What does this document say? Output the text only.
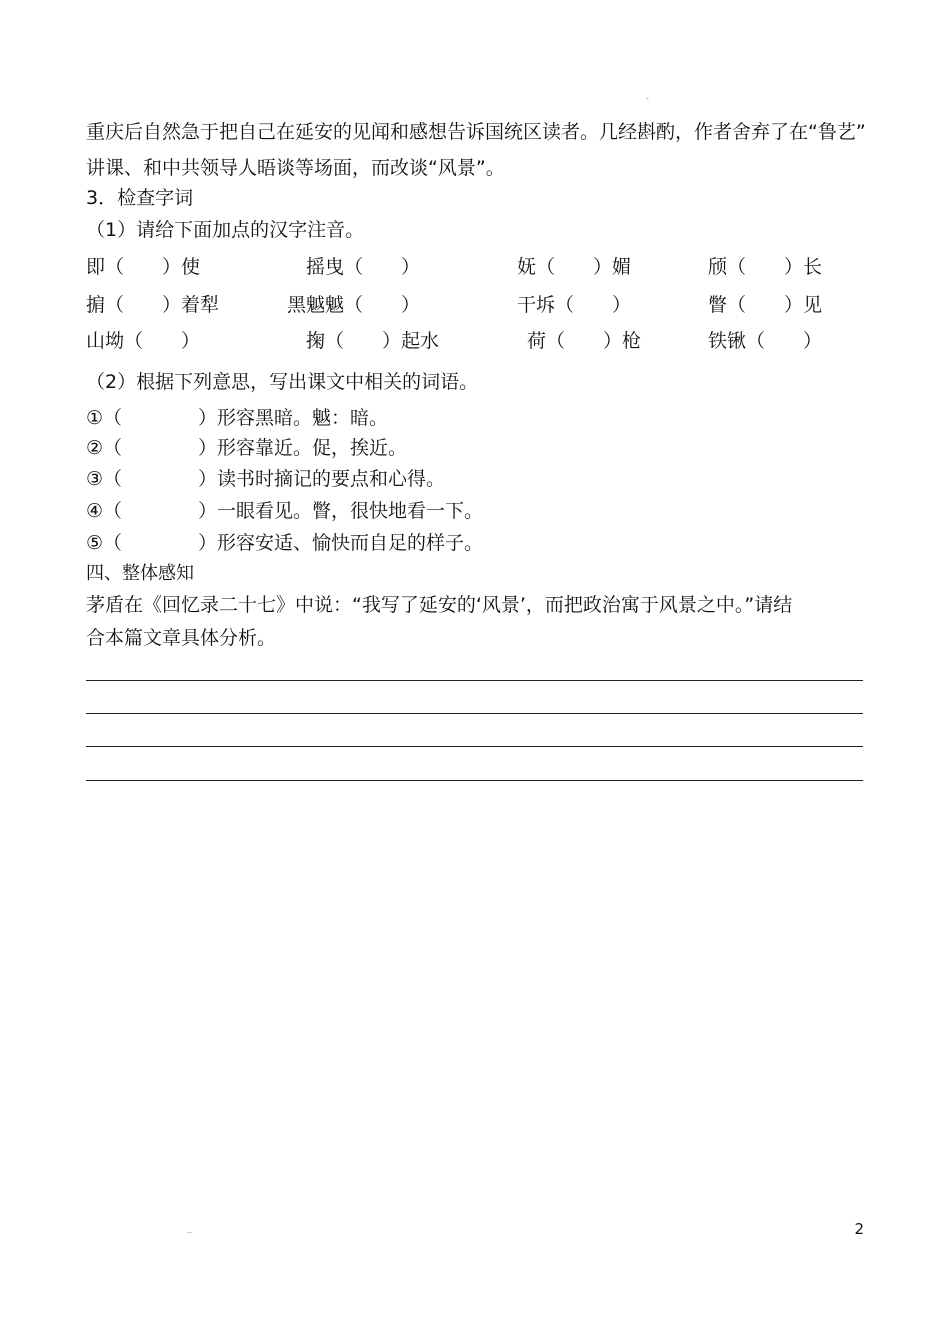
-
重庆后自然急于把自己在延安的见闻和感想告诉国统区读者。几经斟酌，作者舍弃了在“鲁艺”
讲课、和中共领导人晤谈等场面，而改谈“风景”。
3．检查字词
（1）请给下面加点的汉字注音。
即（　　）使	摇曳（　　）	妩（　　）媚	颀（　　）长
掮（　　）着犁	黑魆魆（　　）	干坼（　　）	瞥（　　）见
山坳（　　）	掬（　　）起水	荷（　　）枪	铁锹（　　）
（2）根据下列意思，写出课文中相关的词语。
①（　　　　）形容黑暗。魆：暗。
②（　　　　）形容靠近。促，挨近。
③（　　　　）读书时摘记的要点和心得。
④（　　　　）一眼看见。瞥，很快地看一下。
⑤（　　　　）形容安适、愉快而自足的样子。
四、整体感知
茅盾在《回忆录二十七》中说：“我写了延安的‘风景’，而把政治寓于风景之中。”请结
合本篇文章具体分析。
..	2
